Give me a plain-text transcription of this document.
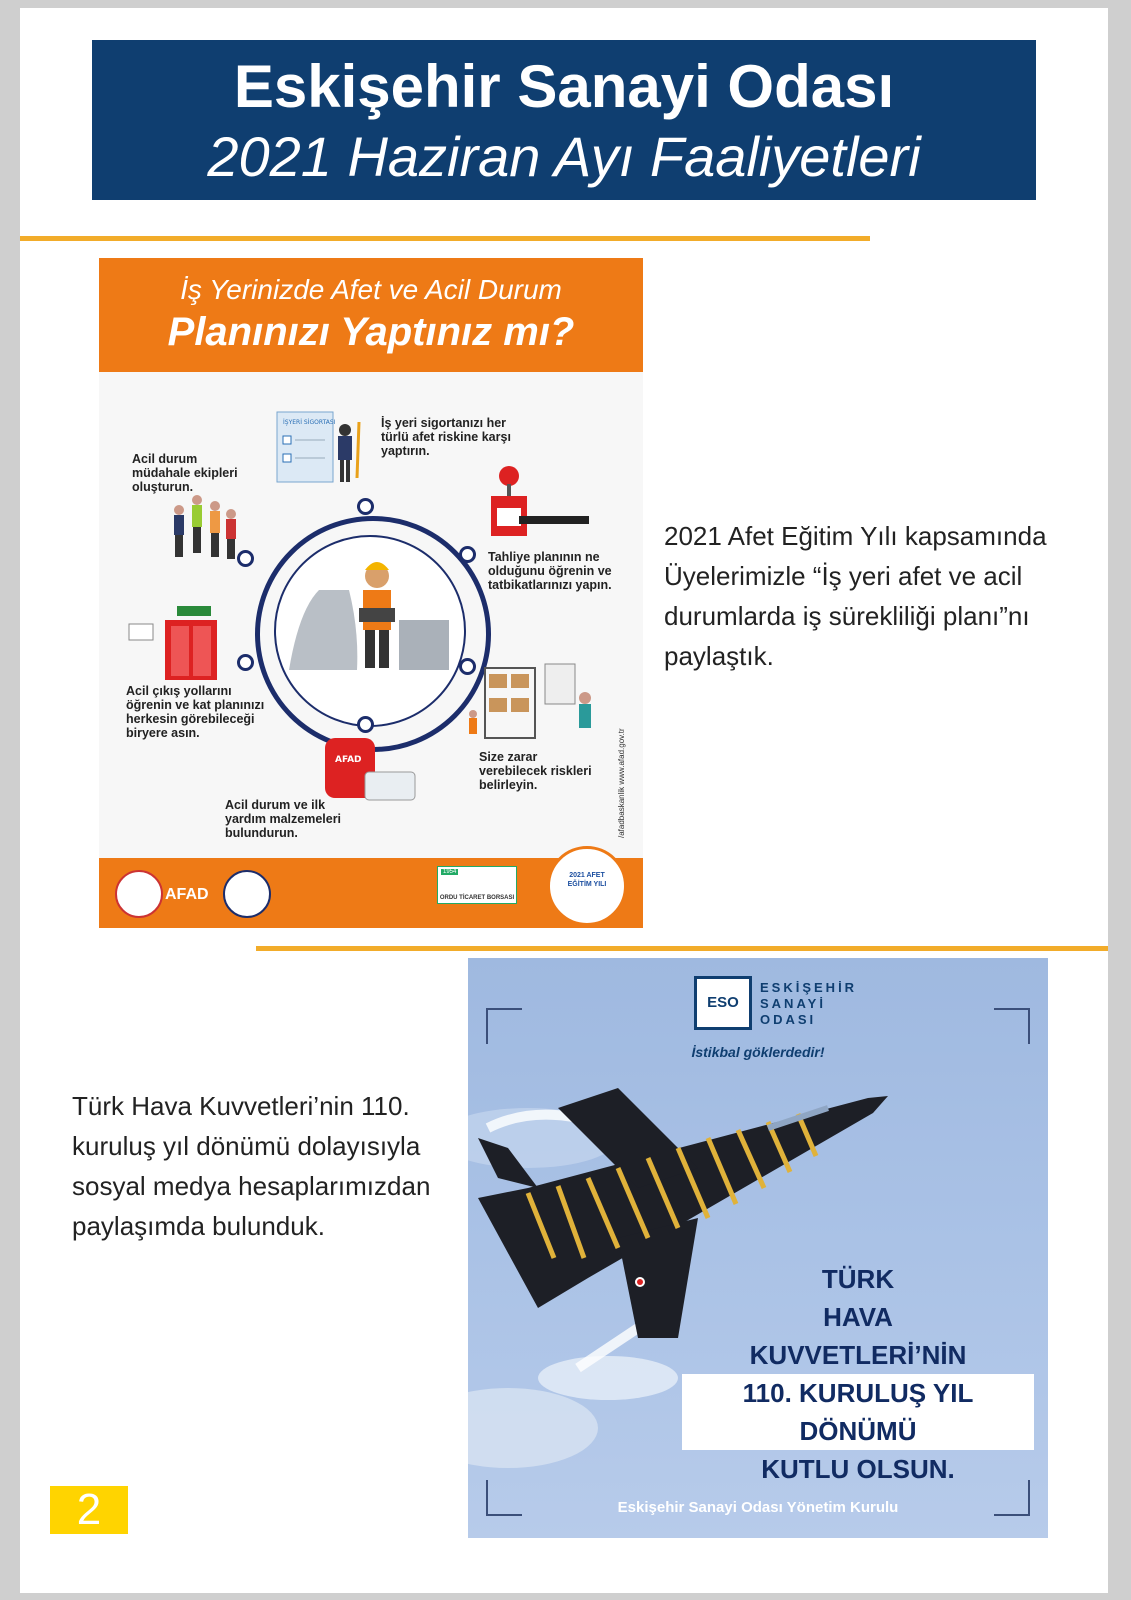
Eskişehir Sanayi Odası
2021 Haziran Ayı Faaliyetleri
İş Yerinizde Afet ve Acil Durum
Planınızı Yaptınız mı?
İŞYERİ SİGORTASI	İş yeri sigortanızı her türlü afet riskine karşı yaptırın.
Acil durum müdahale ekipleri oluşturun.
Tahliye planının ne olduğunu öğrenin ve tatbikatlarınızı yapın.
Acil çıkış yollarını öğrenin ve kat planınızı herkesin görebileceği biryere asın.
Size zarar verebilecek riskleri belirleyin.
AFAD
Acil durum ve ilk yardım malzemeleri bulundurun.	/afadbaskanlik www.afad.gov.tr
AFAD
1954
ORDU TİCARET BORSASI
2021 AFET EĞİTİM YILI
2021 Afet Eğitim Yılı kapsamında Üyelerimizle “İş yeri afet ve acil durumlarda iş sürekliliği planı”nı paylaştık.
Türk Hava Kuvvetleri’nin 110. kuruluş yıl dönümü dolayısıyla sosyal medya hesaplarımızdan paylaşımda bulunduk.
ESO
ESKİŞEHİR
SANAYİ
ODASI
İstikbal göklerdedir!
TÜRK
HAVA
KUVVETLERİ’NİN
110. KURULUŞ YIL DÖNÜMÜ
KUTLU OLSUN.
Eskişehir Sanayi Odası Yönetim Kurulu
2
